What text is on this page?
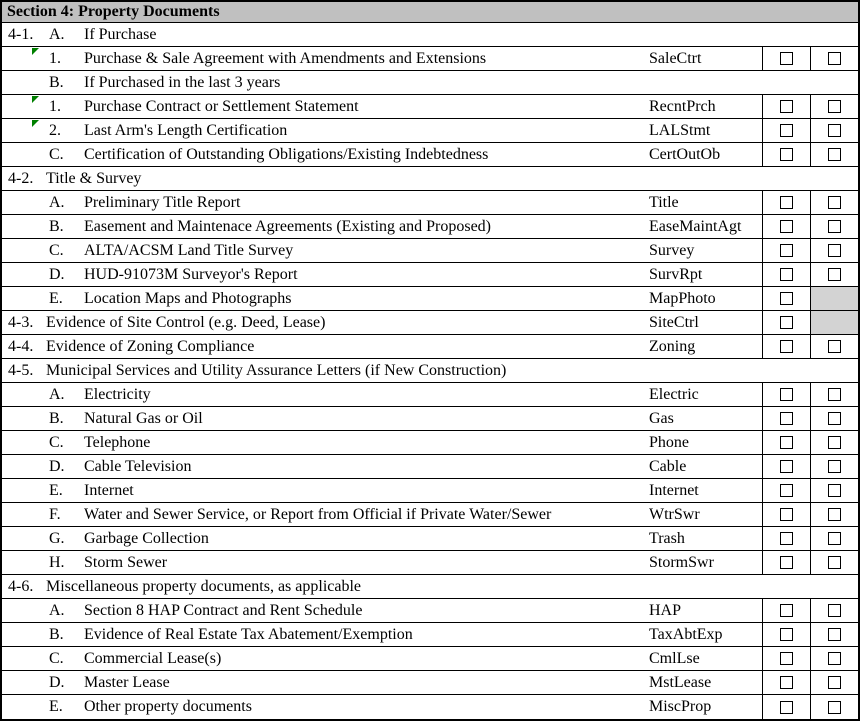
Section 4: Property Documents
4-1. A.	If Purchase
1.	Purchase & Sale Agreement with Amendments and Extensions	SaleCtrt
B.	If Purchased in the last 3 years
1.	Purchase Contract or Settlement Statement	RecntPrch
2.	Last Arm's Length Certification	LALStmt
C.	Certification of Outstanding Obligations/Existing Indebtedness	CertOutOb
4-2. Title & Survey
A.	Preliminary Title Report	Title
B.	Easement and Maintenace Agreements (Existing and Proposed)	EaseMaintAgt
C.	ALTA/ACSM Land Title Survey	Survey
D.	HUD-91073M Surveyor's Report	SurvRpt
E.	Location Maps and Photographs	MapPhoto
4-3. Evidence of Site Control (e.g. Deed, Lease)	SiteCtrl
4-4. Evidence of Zoning Compliance	Zoning
4-5. Municipal Services and Utility Assurance Letters (if New Construction)
A.	Electricity	Electric
B.	Natural Gas or Oil	Gas
C.	Telephone	Phone
D.	Cable Television	Cable
E.	Internet	Internet
F.	Water and Sewer Service, or Report from Official if Private Water/Sewer	WtrSwr
G.	Garbage Collection	Trash
H.	Storm Sewer	StormSwr
4-6. Miscellaneous property documents, as applicable
A.	Section 8 HAP Contract and Rent Schedule	HAP
B.	Evidence of Real Estate Tax Abatement/Exemption	TaxAbtExp
C.	Commercial Lease(s)	CmlLse
D.	Master Lease	MstLease
E.	Other property documents	MiscProp
